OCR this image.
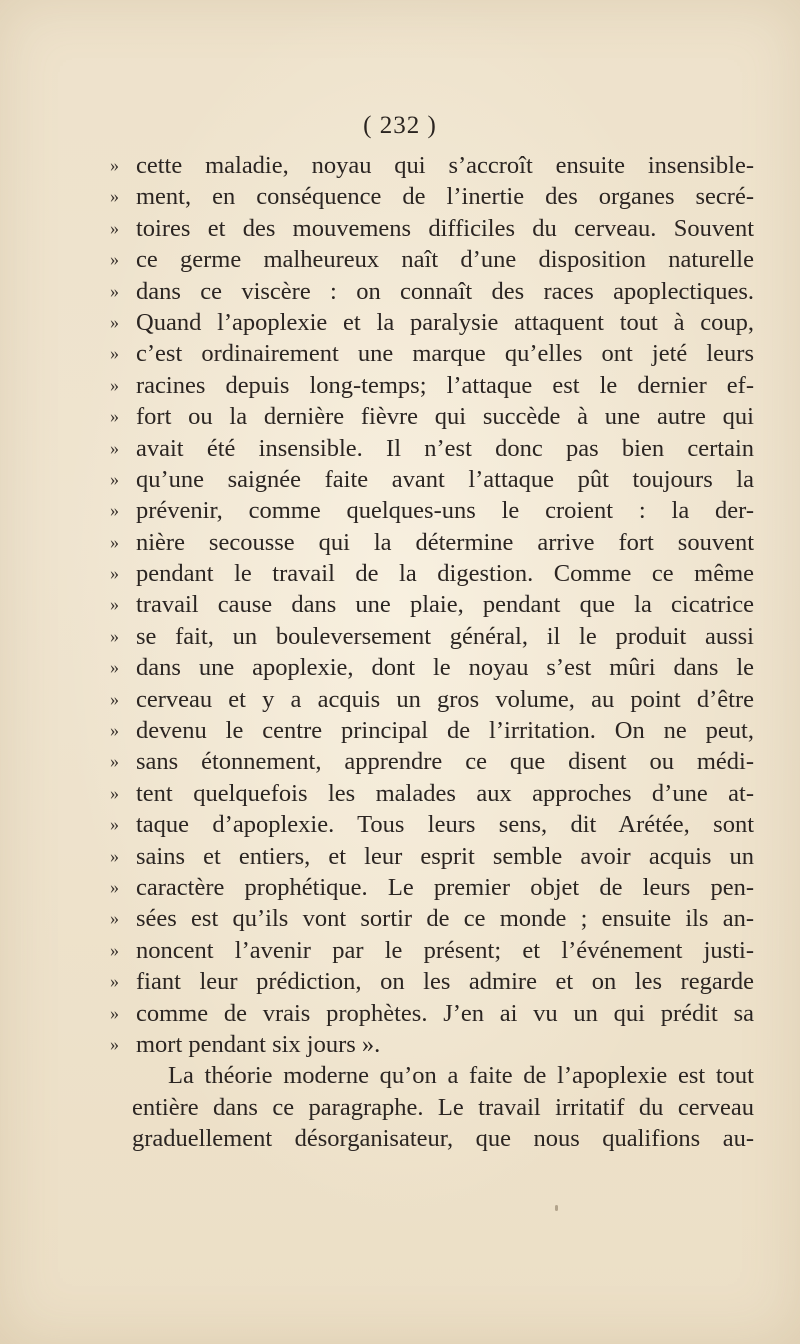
( 232 )
» cette maladie, noyau qui s’accroît ensuite insensible-
» ment, en conséquence de l’inertie des organes secré-
» toires et des mouvemens difficiles du cerveau. Souvent
» ce germe malheureux naît d’une disposition naturelle
» dans ce viscère : on connaît des races apoplectiques.
» Quand l’apoplexie et la paralysie attaquent tout à coup,
» c’est ordinairement une marque qu’elles ont jeté leurs
» racines depuis long-temps; l’attaque est le dernier ef-
» fort ou la dernière fièvre qui succède à une autre qui
» avait été insensible. Il n’est donc pas bien certain
» qu’une saignée faite avant l’attaque pût toujours la
» prévenir, comme quelques-uns le croient : la der-
» nière secousse qui la détermine arrive fort souvent
» pendant le travail de la digestion. Comme ce même
» travail cause dans une plaie, pendant que la cicatrice
» se fait, un bouleversement général, il le produit aussi
» dans une apoplexie, dont le noyau s’est mûri dans le
» cerveau et y a acquis un gros volume, au point d’être
» devenu le centre principal de l’irritation. On ne peut,
» sans étonnement, apprendre ce que disent ou médi-
» tent quelquefois les malades aux approches d’une at-
» taque d’apoplexie. Tous leurs sens, dit Arétée, sont
» sains et entiers, et leur esprit semble avoir acquis un
» caractère prophétique. Le premier objet de leurs pen-
» sées est qu’ils vont sortir de ce monde ; ensuite ils an-
» noncent l’avenir par le présent; et l’événement justi-
» fiant leur prédiction, on les admire et on les regarde
» comme de vrais prophètes. J’en ai vu un qui prédit sa
» mort pendant six jours ».
La théorie moderne qu’on a faite de l’apoplexie est tout
entière dans ce paragraphe. Le travail irritatif du cerveau
graduellement désorganisateur, que nous qualifions au-
